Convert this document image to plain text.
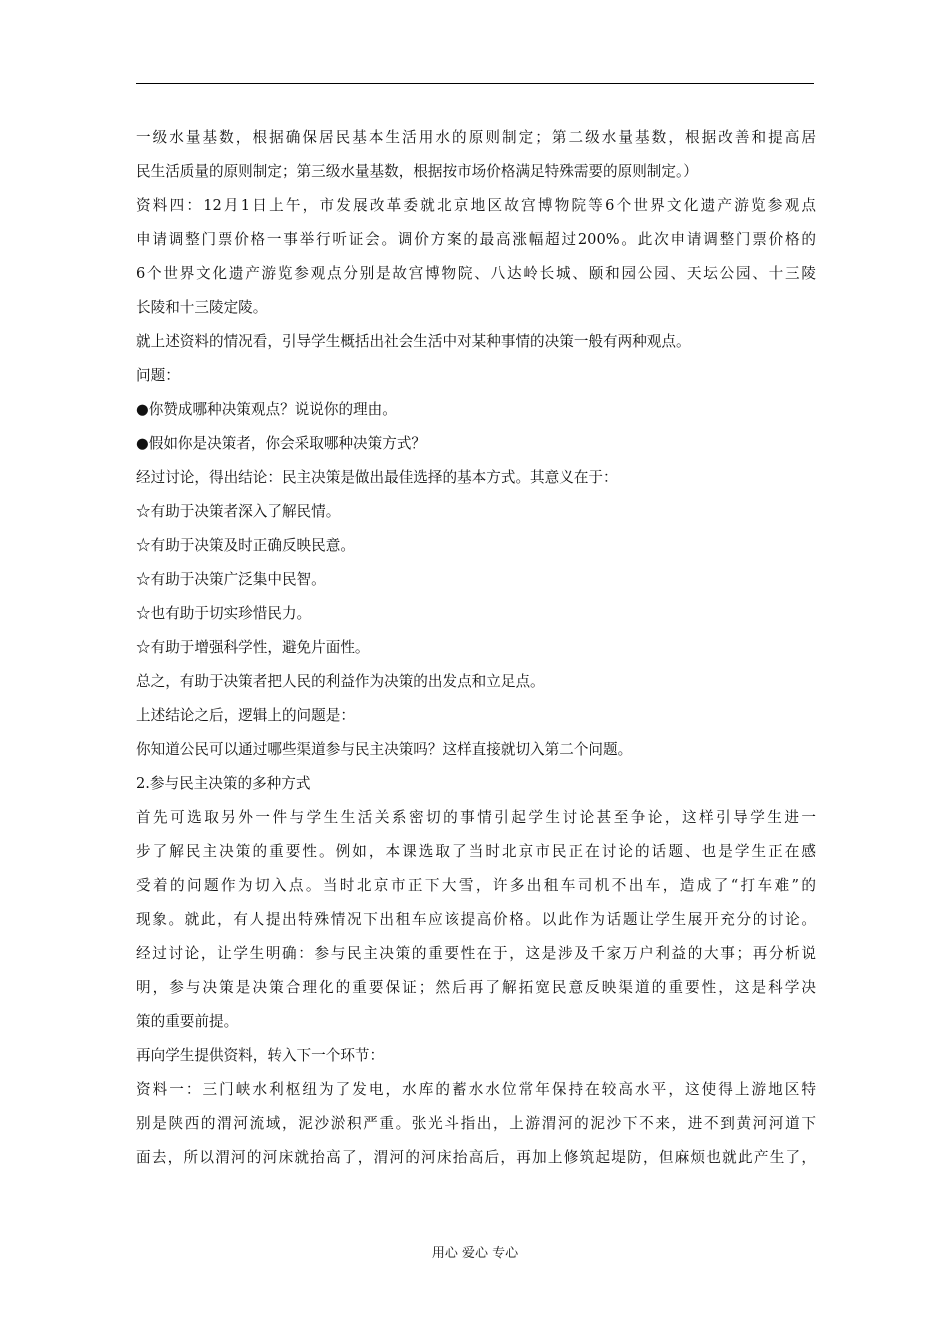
一级水量基数，根据确保居民基本生活用水的原则制定；第二级水量基数，根据改善和提高居
民生活质量的原则制定；第三级水量基数，根据按市场价格满足特殊需要的原则制定。）
资料四：12月1日上午，市发展改革委就北京地区故宫博物院等6个世界文化遗产游览参观点
申请调整门票价格一事举行听证会。调价方案的最高涨幅超过200%。此次申请调整门票价格的
6个世界文化遗产游览参观点分别是故宫博物院、八达岭长城、颐和园公园、天坛公园、十三陵
长陵和十三陵定陵。
就上述资料的情况看，引导学生概括出社会生活中对某种事情的决策一般有两种观点。
问题：
●你赞成哪种决策观点？说说你的理由。
●假如你是决策者，你会采取哪种决策方式？
经过讨论，得出结论：民主决策是做出最佳选择的基本方式。其意义在于：
☆有助于决策者深入了解民情。
☆有助于决策及时正确反映民意。
☆有助于决策广泛集中民智。
☆也有助于切实珍惜民力。
☆有助于增强科学性，避免片面性。
总之，有助于决策者把人民的利益作为决策的出发点和立足点。
上述结论之后，逻辑上的问题是：
你知道公民可以通过哪些渠道参与民主决策吗？这样直接就切入第二个问题。
2.参与民主决策的多种方式
首先可选取另外一件与学生生活关系密切的事情引起学生讨论甚至争论，这样引导学生进一
步了解民主决策的重要性。例如，本课选取了当时北京市民正在讨论的话题、也是学生正在感
受着的问题作为切入点。当时北京市正下大雪，许多出租车司机不出车，造成了“打车难”的
现象。就此，有人提出特殊情况下出租车应该提高价格。以此作为话题让学生展开充分的讨论。
经过讨论，让学生明确：参与民主决策的重要性在于，这是涉及千家万户利益的大事；再分析说
明，参与决策是决策合理化的重要保证；然后再了解拓宽民意反映渠道的重要性，这是科学决
策的重要前提。
再向学生提供资料，转入下一个环节：
资料一：三门峡水利枢纽为了发电，水库的蓄水水位常年保持在较高水平，这使得上游地区特
别是陕西的渭河流域，泥沙淤积严重。张光斗指出，上游渭河的泥沙下不来，进不到黄河河道下
面去，所以渭河的河床就抬高了，渭河的河床抬高后，再加上修筑起堤防，但麻烦也就此产生了，
用心 爱心 专心
